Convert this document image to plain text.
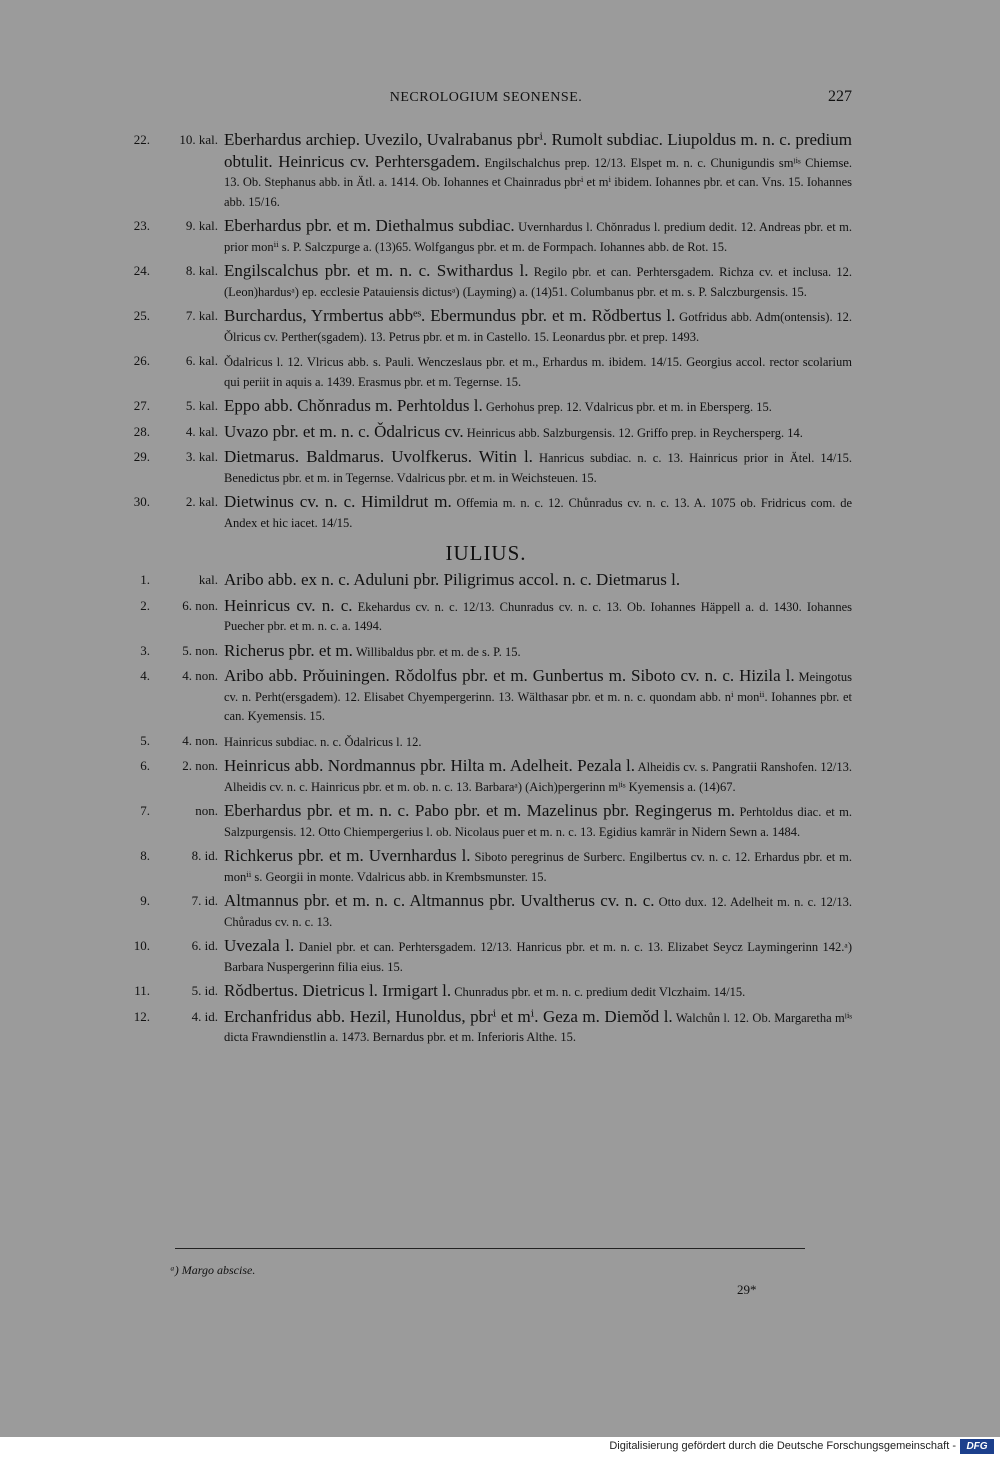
NECROLOGIUM SEONENSE.	227
22.	10. kal. Eberhardus archiep. Uvezilo, Uvalrabanus pbrⁱ. Rumolt subdiac. Liupoldus m. n. c. predium obtulit. Heinricus cv. Perhtersgadem. Engilschalchus prep. 12/13. Elspet m. n. c. Chunigundis smˡⁱˢ Chiemse. 13. Ob. Stephanus abb. in Ätl. a. 1414. Ob. Iohannes et Chainradus pbrⁱ et mⁱ ibidem. Iohannes pbr. et can. Vns. 15. Iohannes abb. 15/16.
23.	9. kal. Eberhardus pbr. et m. Diethalmus subdiac. Uvernhardus l. Chǒnradus l. predium dedit. 12. Andreas pbr. et m. prior monⁱⁱ s. P. Salczpurge a. (13)65. Wolfgangus pbr. et m. de Formpach. Iohannes abb. de Rot. 15.
24.	8. kal. Engilscalchus pbr. et m. n. c. Swithardus l. Regilo pbr. et can. Perhtersgadem. Richza cv. et inclusa. 12. (Leon)hardusᵃ) ep. ecclesie Patauiensis dictusᵃ) (Layming) a. (14)51. Columbanus pbr. et m. s. P. Salczburgensis. 15.
25.	7. kal. Burchardus, Yrmbertus abbᵉˢ. Ebermundus pbr. et m. Rǒdbertus l. Gotfridus abb. Adm(ontensis). 12. Ǒlricus cv. Perther(sgadem). 13. Petrus pbr. et m. in Castello. 15. Leonardus pbr. et prep. 1493.
26.	6. kal. Ǒdalricus l. 12. Vlricus abb. s. Pauli. Wenczeslaus pbr. et m., Erhardus m. ibidem. 14/15. Georgius accol. rector scolarium qui periit in aquis a. 1439. Erasmus pbr. et m. Tegernse. 15.
27.	5. kal. Eppo abb. Chǒnradus m. Perhtoldus l. Gerhohus prep. 12. Vdalricus pbr. et m. in Ebersperg. 15.
28.	4. kal. Uvazo pbr. et m. n. c. Ǒdalricus cv. Heinricus abb. Salzburgensis. 12. Griffo prep. in Reychersperg. 14.
29.	3. kal. Dietmarus. Baldmarus. Uvolfkerus. Witin l. Hanricus subdiac. n. c. 13. Hainricus prior in Ätel. 14/15. Benedictus pbr. et m. in Tegernse. Vdalricus pbr. et m. in Weichsteuen. 15.
30.	2. kal. Dietwinus cv. n. c. Himildrut m. Offemia m. n. c. 12. Chůnradus cv. n. c. 13. A. 1075 ob. Fridricus com. de Andex et hic iacet. 14/15.
IULIUS.
1.	kal. Aribo abb. ex n. c. Aduluni pbr. Piligrimus accol. n. c. Dietmarus l.
2.	6. non. Heinricus cv. n. c. Ekehardus cv. n. c. 12/13. Chunradus cv. n. c. 13. Ob. Iohannes Häppell a. d. 1430. Iohannes Puecher pbr. et m. n. c. a. 1494.
3.	5. non. Richerus pbr. et m. Willibaldus pbr. et m. de s. P. 15.
4.	4. non. Aribo abb. Prǒuiningen. Rǒdolfus pbr. et m. Gunbertus m. Siboto cv. n. c. Hizila l. Meingotus cv. n. Perht(ersgadem). 12. Elisabet Chyempergerinn. 13. Wälthasar pbr. et m. n. c. quondam abb. nⁱ monⁱⁱ. Iohannes pbr. et can. Kyemensis. 15.
5.	4. non. Hainricus subdiac. n. c. Ǒdalricus l. 12.
6.	2. non. Heinricus abb. Nordmannus pbr. Hilta m. Adelheit. Pezala l. Alheidis cv. s. Pangratii Ranshofen. 12/13. Alheidis cv. n. c. Hainricus pbr. et m. ob. n. c. 13. Barbaraᵃ) (Aich)pergerinn mˡⁱˢ Kyemensis a. (14)67.
7.	non. Eberhardus pbr. et m. n. c. Pabo pbr. et m. Mazelinus pbr. Regingerus m. Perhtoldus diac. et m. Salzpurgensis. 12. Otto Chiempergerius l. ob. Nicolaus puer et m. n. c. 13. Egidius kamrär in Nidern Sewn a. 1484.
8.	8. id. Richkerus pbr. et m. Uvernhardus l. Siboto peregrinus de Surberc. Engilbertus cv. n. c. 12. Erhardus pbr. et m. monⁱⁱ s. Georgii in monte. Vdalricus abb. in Krembsmunster. 15.
9.	7. id. Altmannus pbr. et m. n. c. Altmannus pbr. Uvaltherus cv. n. c. Otto dux. 12. Adelheit m. n. c. 12/13. Chůradus cv. n. c. 13.
10.	6. id. Uvezala l. Daniel pbr. et can. Perhtersgadem. 12/13. Hanricus pbr. et m. n. c. 13. Elizabet Seycz Laymingerinn 142.ᵃ) Barbara Nuspergerinn filia eius. 15.
11.	5. id. Rǒdbertus. Dietricus l. Irmigart l. Chunradus pbr. et m. n. c. predium dedit Vlczhaim. 14/15.
12.	4. id. Erchanfridus abb. Hezil, Hunoldus, pbrⁱ et mⁱ. Geza m. Diemǒd l. Walchůn l. 12. Ob. Margaretha mˡⁱˢ dicta Frawndienstlin a. 1473. Bernardus pbr. et m. Inferioris Althe. 15.
ᵃ) Margo abscise.
29*
Digitalisierung gefördert durch die Deutsche Forschungsgemeinschaft -	DFG
